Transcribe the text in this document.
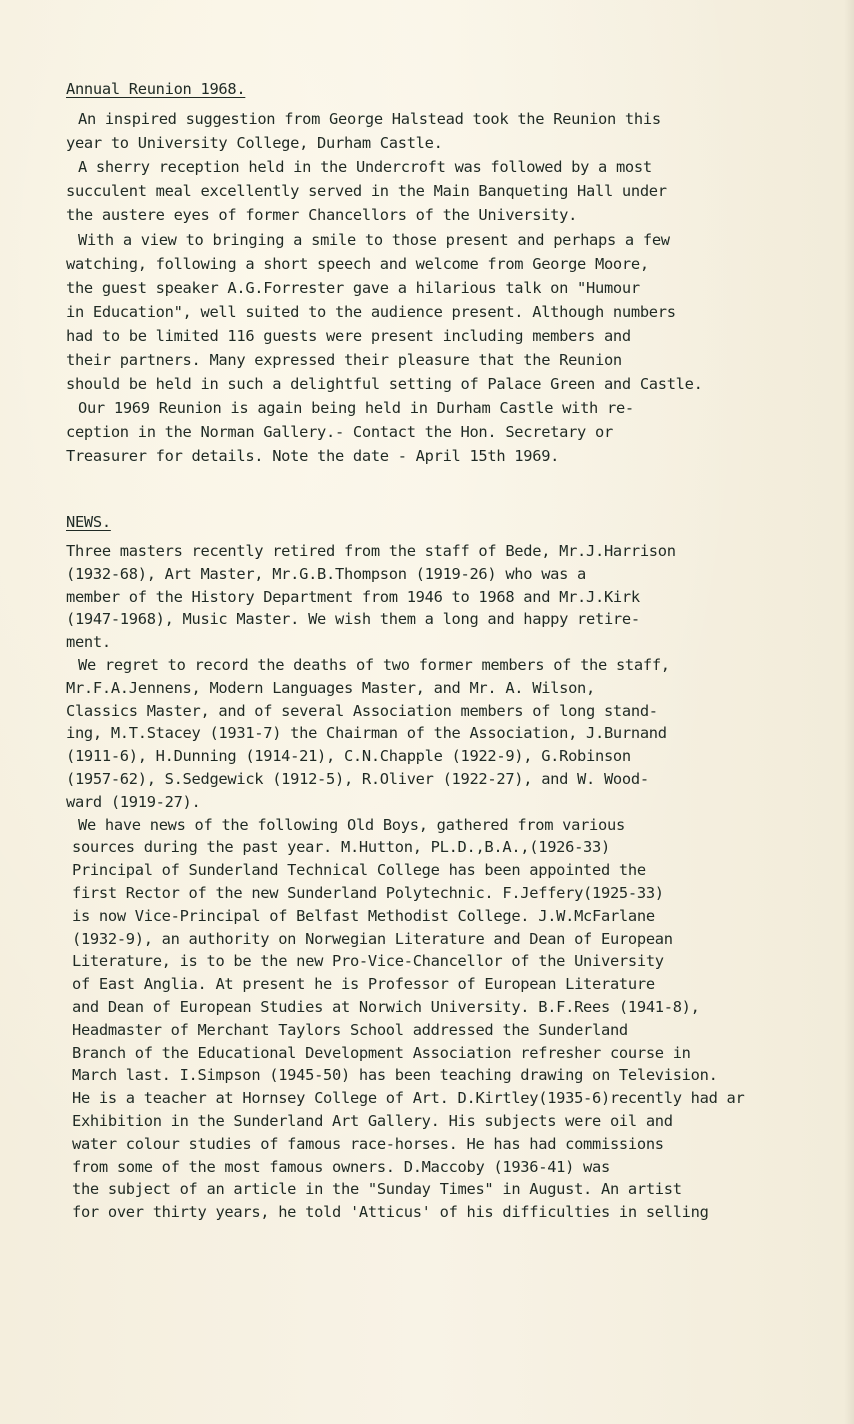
Annual Reunion 1968.
An inspired suggestion from George Halstead took the Reunion this
year to University College, Durham Castle.
A sherry reception held in the Undercroft was followed by a most
succulent meal excellently served in the Main Banqueting Hall under
the austere eyes of former Chancellors of the University.
With a view to bringing a smile to those present and perhaps a few
watching, following a short speech and welcome from George Moore,
the guest speaker A.G.Forrester gave a hilarious talk on "Humour
in Education", well suited to the audience present. Although numbers
had to be limited 116 guests were present including members and
their partners. Many expressed their pleasure that the Reunion
should be held in such a delightful setting of Palace Green and Castle.
Our 1969 Reunion is again being held in Durham Castle with re-
ception in the Norman Gallery.- Contact the Hon. Secretary or
Treasurer for details. Note the date - April 15th 1969.
NEWS.
Three masters recently retired from the staff of Bede, Mr.J.Harrison
(1932-68), Art Master, Mr.G.B.Thompson (1919-26) who was a
member of the History Department from 1946 to 1968 and Mr.J.Kirk
(1947-1968), Music Master. We wish them a long and happy retire-
ment.
We regret to record the deaths of two former members of the staff,
Mr.F.A.Jennens, Modern Languages Master, and Mr. A. Wilson,
Classics Master, and of several Association members of long stand-
ing, M.T.Stacey (1931-7) the Chairman of the Association, J.Burnand
(1911-6), H.Dunning (1914-21), C.N.Chapple (1922-9), G.Robinson
(1957-62), S.Sedgewick (1912-5), R.Oliver (1922-27), and W. Wood-
ward (1919-27).
We have news of the following Old Boys, gathered from various
sources during the past year. M.Hutton, PL.D.,B.A.,(1926-33)
Principal of Sunderland Technical College has been appointed the
first Rector of the new Sunderland Polytechnic. F.Jeffery(1925-33)
is now Vice-Principal of Belfast Methodist College. J.W.McFarlane
(1932-9), an authority on Norwegian Literature and Dean of European
Literature, is to be the new Pro-Vice-Chancellor of the University
of East Anglia. At present he is Professor of European Literature
and Dean of European Studies at Norwich University. B.F.Rees (1941-8),
Headmaster of Merchant Taylors School addressed the Sunderland
Branch of the Educational Development Association refresher course in
March last. I.Simpson (1945-50) has been teaching drawing on Television.
He is a teacher at Hornsey College of Art. D.Kirtley(1935-6)recently had ar
Exhibition in the Sunderland Art Gallery. His subjects were oil and
water colour studies of famous race-horses. He has had commissions
from some of the most famous owners. D.Maccoby (1936-41) was
the subject of an article in the "Sunday Times" in August. An artist
for over thirty years, he told 'Atticus' of his difficulties in selling
